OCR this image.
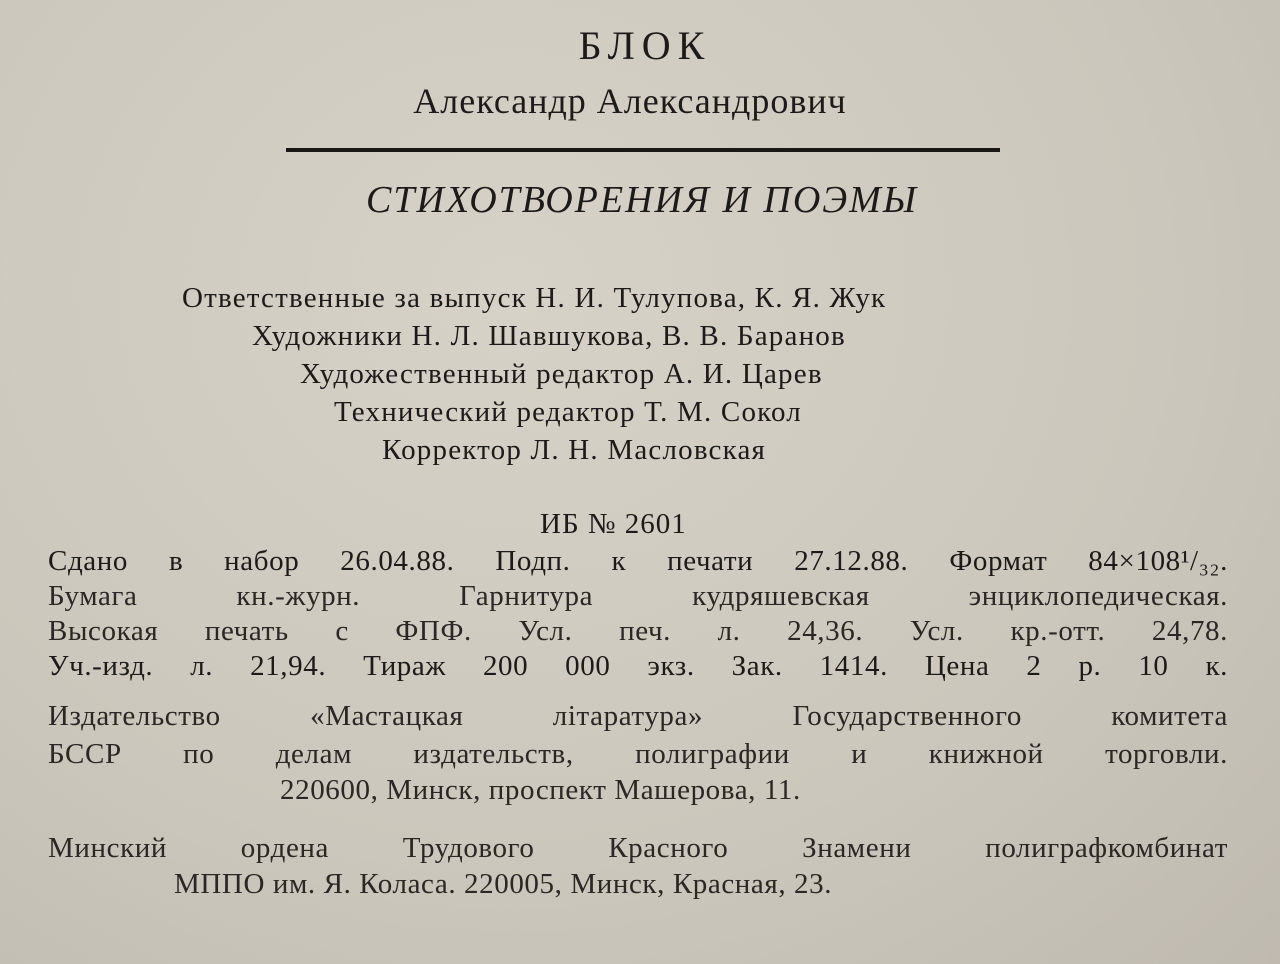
БЛОК
Александр Александрович
СТИХОТВОРЕНИЯ И ПОЭМЫ
Ответственные за выпуск Н. И. Тулупова, К. Я. Жук
Художники Н. Л. Шавшукова, В. В. Баранов
Художественный редактор А. И. Царев
Технический редактор Т. М. Сокол
Корректор Л. Н. Масловская
ИБ № 2601
Сдано в набор 26.04.88. Подп. к печати 27.12.88. Формат 84×108¹/₃₂.
Бумага кн.-журн. Гарнитура кудряшевская энциклопедическая.
Высокая печать с ФПФ. Усл. печ. л. 24,36. Усл. кр.-отт. 24,78.
Уч.-изд. л. 21,94. Тираж 200 000 экз. Зак. 1414. Цена 2 р. 10 к.
Издательство «Мастацкая літаратура» Государственного комитета
БССР по делам издательств, полиграфии и книжной торговли.
220600, Минск, проспект Машерова, 11.
Минский ордена Трудового Красного Знамени полиграфкомбинат
МППО им. Я. Коласа. 220005, Минск, Красная, 23.
